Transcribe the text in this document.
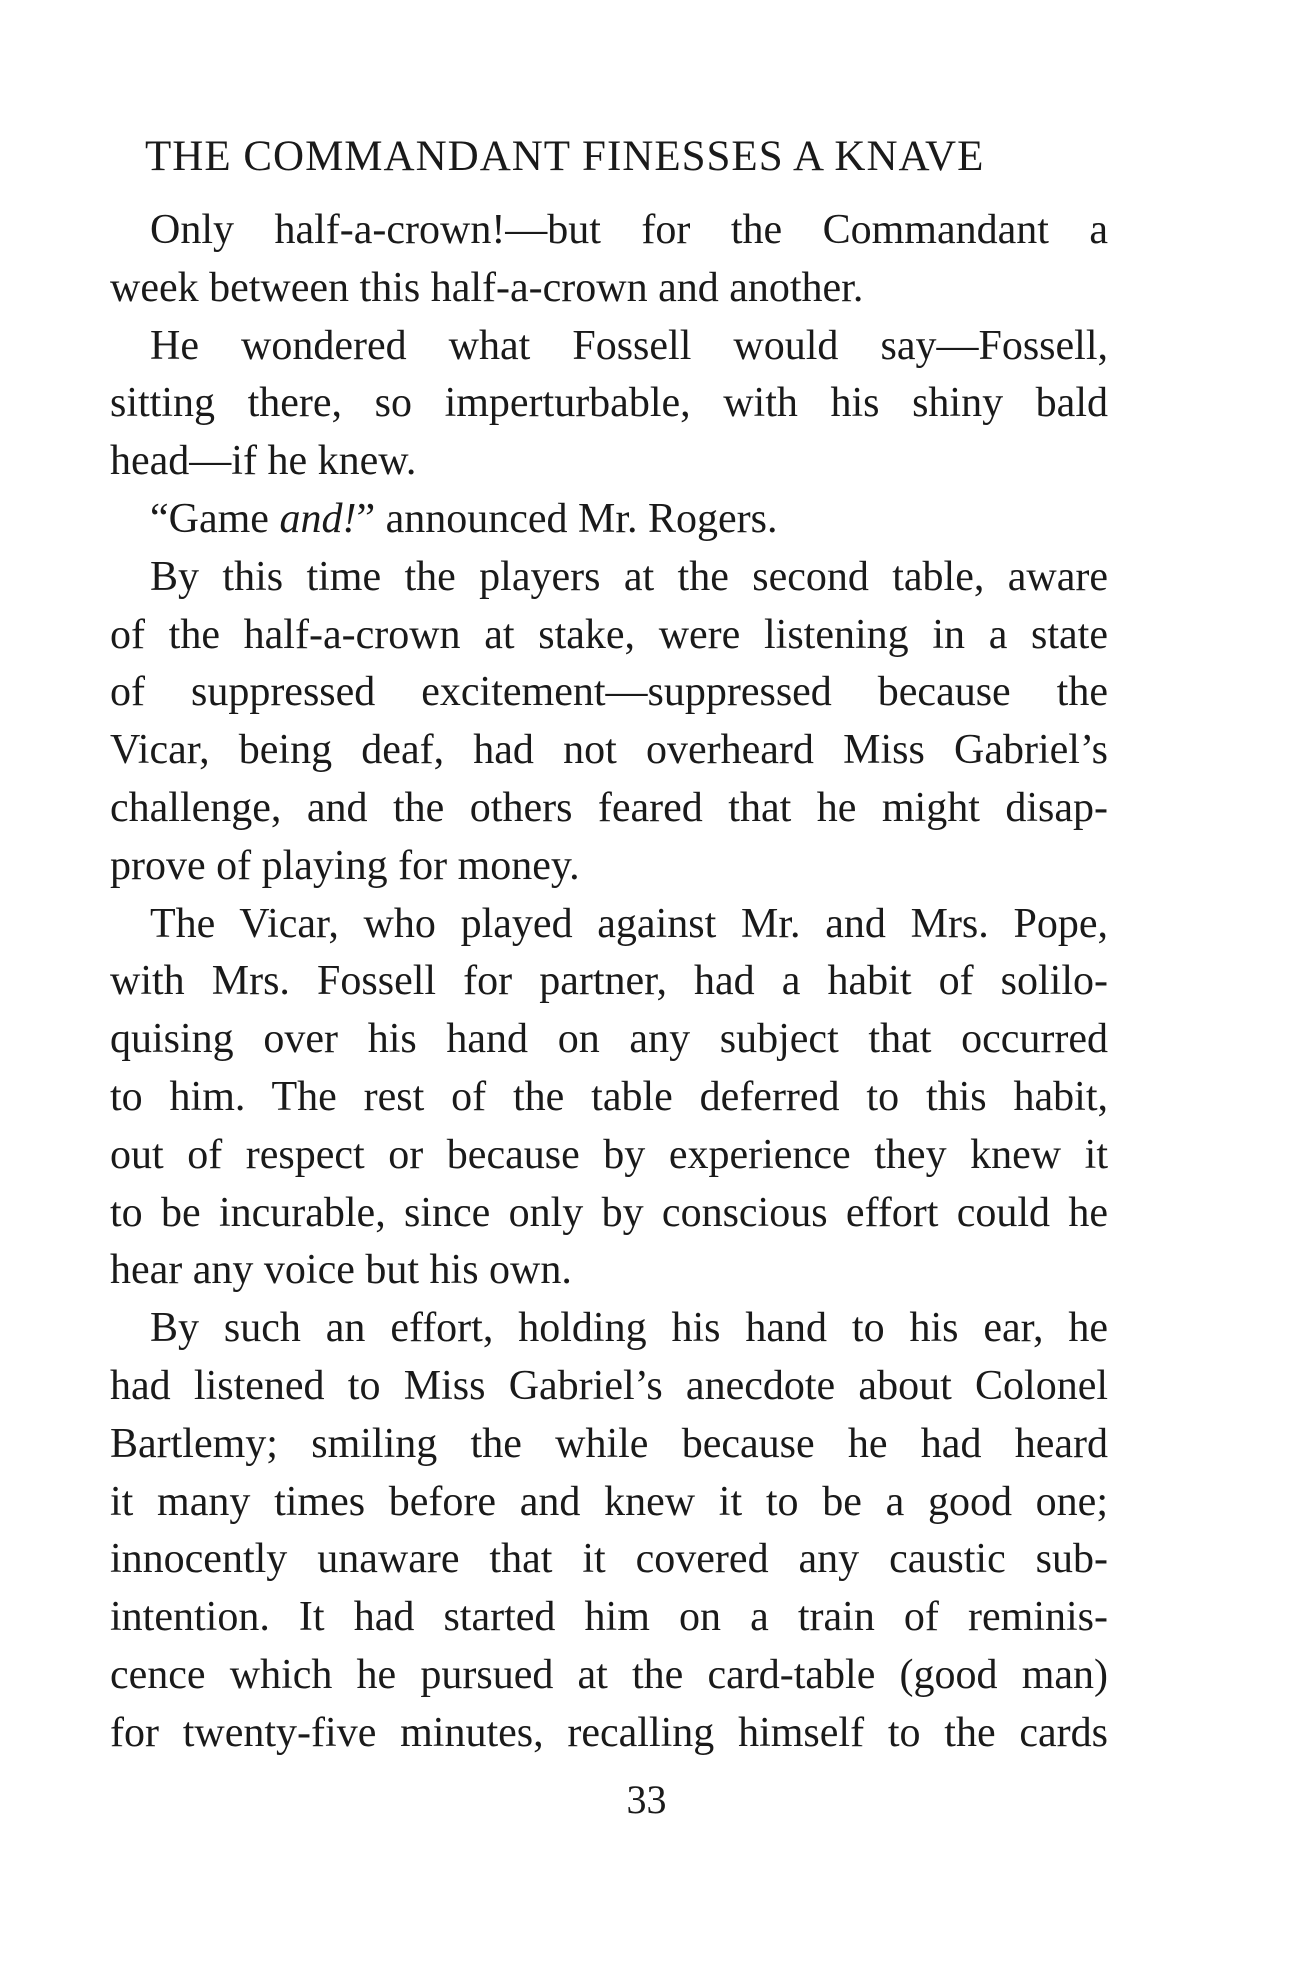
THE COMMANDANT FINESSES A KNAVE
Only half-a-crown!—but for the Commandant a
week between this half-a-crown and another.
He wondered what Fossell would say—Fossell,
sitting there, so imperturbable, with his shiny bald
head—if he knew.
“Game and!” announced Mr. Rogers.
By this time the players at the second table, aware
of the half-a-crown at stake, were listening in a state
of suppressed excitement—suppressed because the
Vicar, being deaf, had not overheard Miss Gabriel’s
challenge, and the others feared that he might disap-
prove of playing for money.
The Vicar, who played against Mr. and Mrs. Pope,
with Mrs. Fossell for partner, had a habit of solilo-
quising over his hand on any subject that occurred
to him. The rest of the table deferred to this habit,
out of respect or because by experience they knew it
to be incurable, since only by conscious effort could he
hear any voice but his own.
By such an effort, holding his hand to his ear, he
had listened to Miss Gabriel’s anecdote about Colonel
Bartlemy; smiling the while because he had heard
it many times before and knew it to be a good one;
innocently unaware that it covered any caustic sub-
intention. It had started him on a train of reminis-
cence which he pursued at the card-table (good man)
for twenty-five minutes, recalling himself to the cards
33
